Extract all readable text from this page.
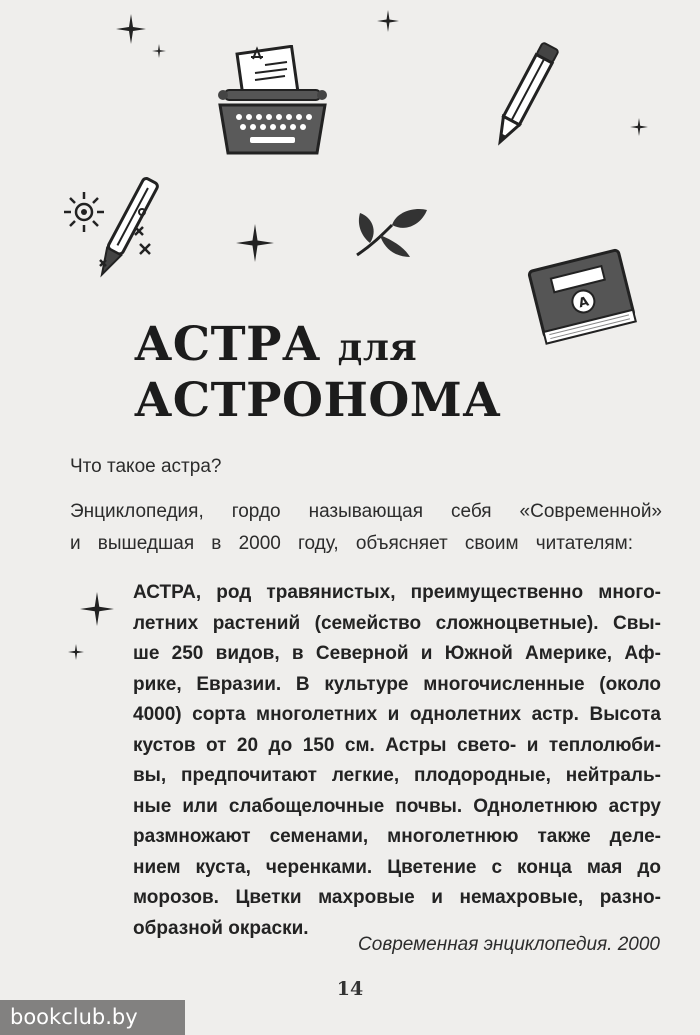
A
АСТРА для
АСТРОНОМА

Что такое астра?

Энциклопедия, гордо называющая себя «Современной»

и вышедшая в 2000 году, объясняет своим читателям:

АСТРА, род травянистых, преимущественно много-
летних растений (семейство сложноцветные). Свы-
ше 250 видов, в Северной и Южной Америке, Аф-
рике, Евразии. В культуре многочисленные (около
4000) сорта многолетних и однолетних астр. Высота
кустов от 20 до 150 см. Астры свето- и теплолюби-
вы, предпочитают легкие, плодородные, нейтраль-
ные или слабощелочные почвы. Однолетнюю астру
размножают семенами, многолетнюю также деле-
нием куста, черенками. Цветение с конца мая до
морозов. Цветки махровые и немахровые, разно-
образной окраски.
Современная энциклопедия. 2000
14
bookclub.by
